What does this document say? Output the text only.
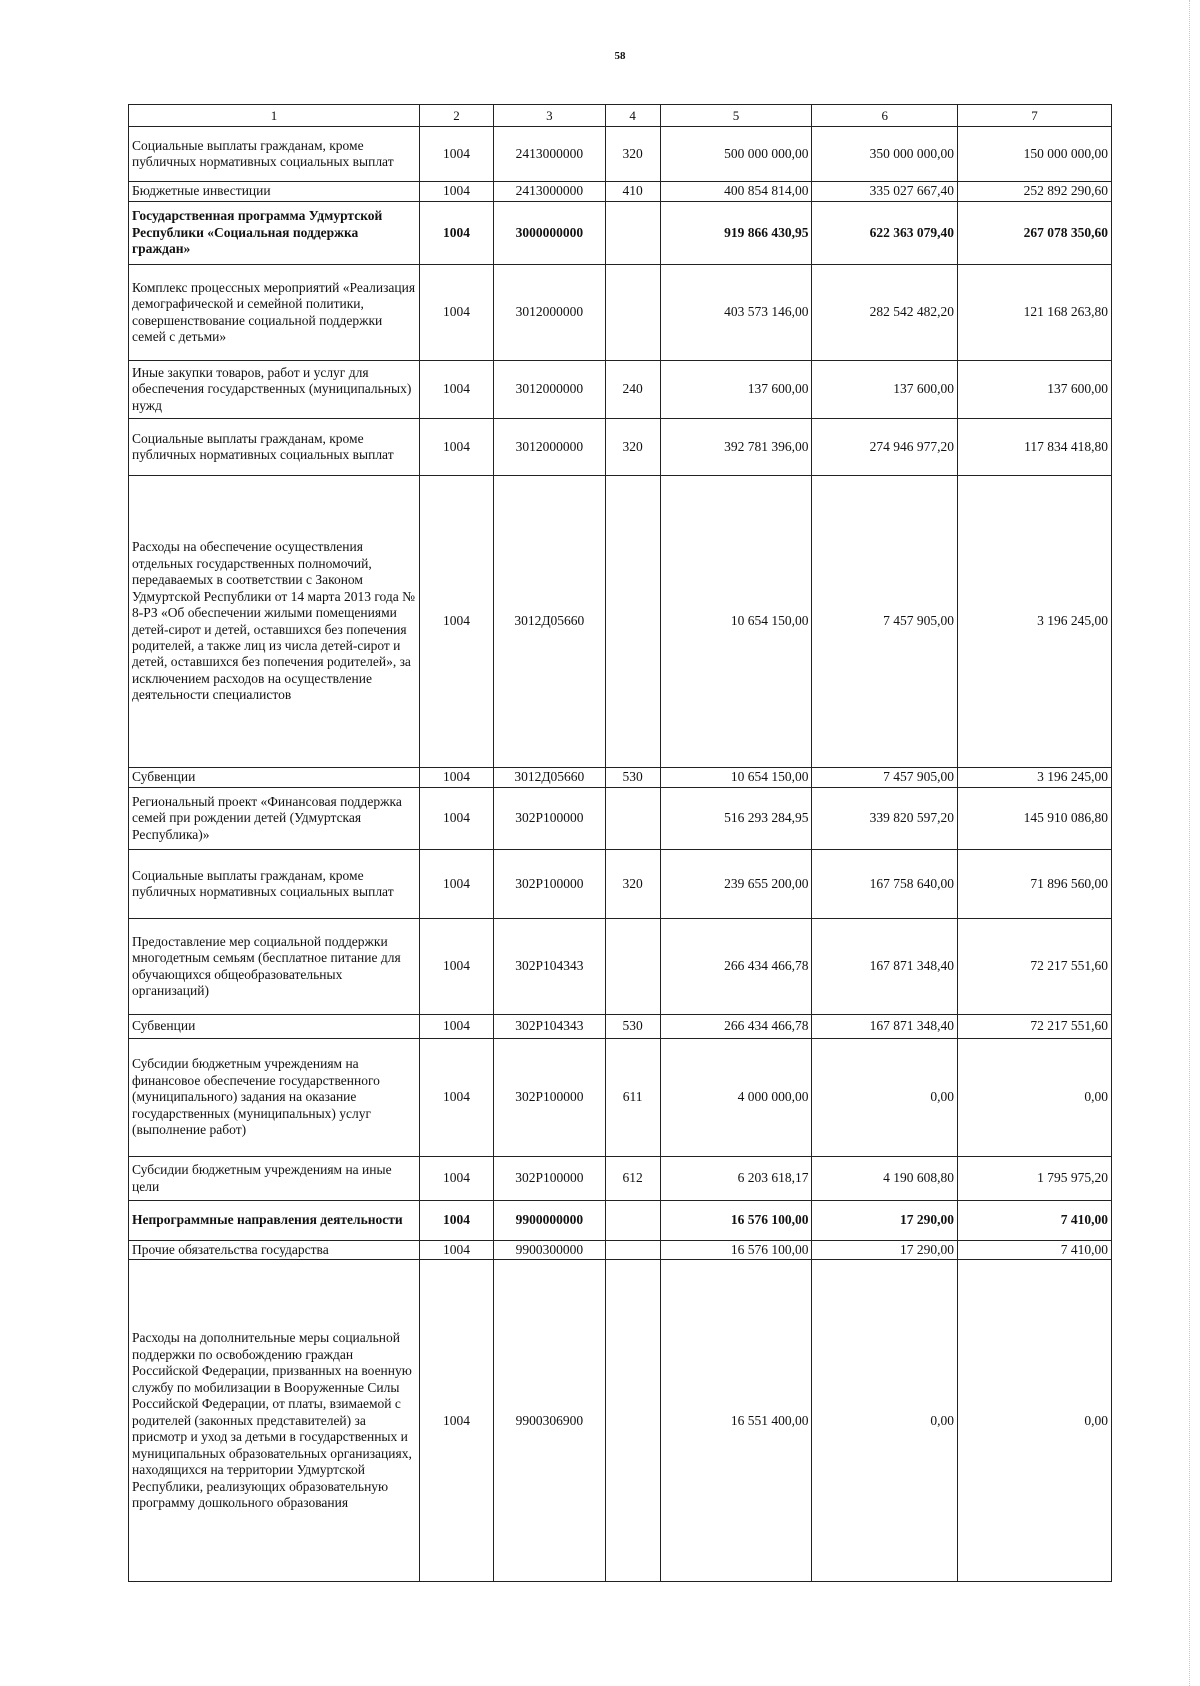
58
1	2	3	4	5	6	7
Социальные выплаты гражданам, кроме публичных нормативных социальных выплат	1004	2413000000	320	500 000 000,00	350 000 000,00	150 000 000,00
Бюджетные инвестиции	1004	2413000000	410	400 854 814,00	335 027 667,40	252 892 290,60
Государственная программа Удмуртской Республики «Социальная поддержка граждан»	1004	3000000000		919 866 430,95	622 363 079,40	267 078 350,60
Комплекс процессных мероприятий «Реализация демографической и семейной политики, совершенствование социальной поддержки семей с детьми»	1004	3012000000		403 573 146,00	282 542 482,20	121 168 263,80
Иные закупки товаров, работ и услуг для обеспечения государственных (муниципальных) нужд	1004	3012000000	240	137 600,00	137 600,00	137 600,00
Социальные выплаты гражданам, кроме публичных нормативных социальных выплат	1004	3012000000	320	392 781 396,00	274 946 977,20	117 834 418,80
Расходы на обеспечение осуществления отдельных государственных полномочий, передаваемых в соответствии с Законом Удмуртской Республики от 14 марта 2013 года № 8-РЗ «Об обеспечении жилыми помещениями детей-сирот и детей, оставшихся без попечения родителей, а также лиц из числа детей-сирот и детей, оставшихся без попечения родителей», за исключением расходов на осуществление деятельности специалистов	1004	3012Д05660		10 654 150,00	7 457 905,00	3 196 245,00
Субвенции	1004	3012Д05660	530	10 654 150,00	7 457 905,00	3 196 245,00
Региональный проект «Финансовая поддержка семей при рождении детей (Удмуртская Республика)»	1004	302Р100000		516 293 284,95	339 820 597,20	145 910 086,80
Социальные выплаты гражданам, кроме публичных нормативных социальных выплат	1004	302Р100000	320	239 655 200,00	167 758 640,00	71 896 560,00
Предоставление мер социальной поддержки многодетным семьям (бесплатное питание для обучающихся общеобразовательных организаций)	1004	302Р104343		266 434 466,78	167 871 348,40	72 217 551,60
Субвенции	1004	302Р104343	530	266 434 466,78	167 871 348,40	72 217 551,60
Субсидии бюджетным учреждениям на финансовое обеспечение государственного (муниципального) задания на оказание государственных (муниципальных) услуг (выполнение работ)	1004	302Р100000	611	4 000 000,00	0,00	0,00
Субсидии бюджетным учреждениям на иные цели	1004	302Р100000	612	6 203 618,17	4 190 608,80	1 795 975,20
Непрограммные направления деятельности	1004	9900000000		16 576 100,00	17 290,00	7 410,00
Прочие обязательства государства	1004	9900300000		16 576 100,00	17 290,00	7 410,00
Расходы на дополнительные меры социальной поддержки по освобождению граждан Российской Федерации, призванных на военную службу по мобилизации в Вооруженные Силы Российской Федерации, от платы, взимаемой с родителей (законных представителей) за присмотр и уход за детьми в государственных и муниципальных образовательных организациях, находящихся на территории Удмуртской Республики, реализующих образовательную программу дошкольного образования	1004	9900306900		16 551 400,00	0,00	0,00
